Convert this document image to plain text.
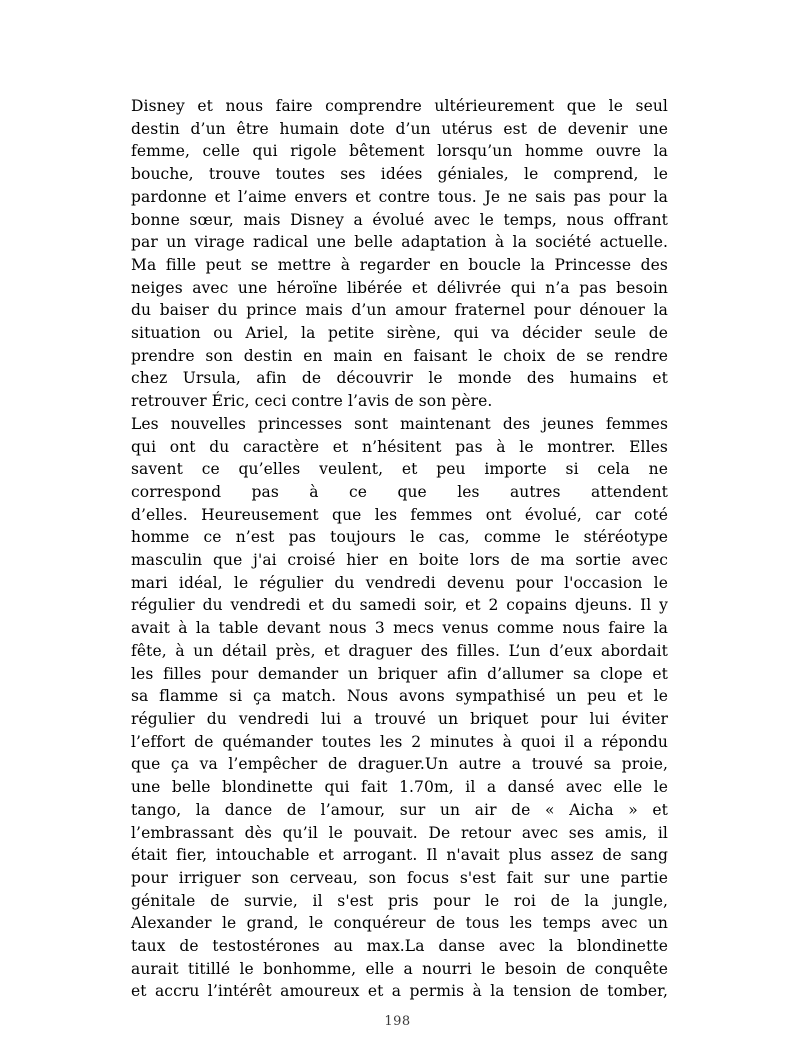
Disney et nous faire comprendre ultérieurement que le seul
destin d’un être humain dote d’un utérus est de devenir une
femme, celle qui rigole bêtement lorsqu’un homme ouvre la
bouche, trouve toutes ses idées géniales, le comprend, le
pardonne et l’aime envers et contre tous. Je ne sais pas pour la
bonne sœur, mais Disney a évolué avec le temps, nous offrant
par un virage radical une belle adaptation à la société actuelle.
Ma fille peut se mettre à regarder en boucle la Princesse des
neiges avec une héroïne libérée et délivrée qui n’a pas besoin
du baiser du prince mais d’un amour fraternel pour dénouer la
situation ou Ariel, la petite sirène, qui va décider seule de
prendre son destin en main en faisant le choix de se rendre
chez Ursula, afin de découvrir le monde des humains et
retrouver Éric, ceci contre l’avis de son père.
Les nouvelles princesses sont maintenant des jeunes femmes
qui ont du caractère et n’hésitent pas à le montrer. Elles
savent ce qu’elles veulent, et peu importe si cela ne
correspond pas à ce que les autres attendent
d’elles. Heureusement que les femmes ont évolué, car coté
homme ce n’est pas toujours le cas, comme le stéréotype
masculin que j'ai croisé hier en boite lors de ma sortie avec
mari idéal, le régulier du vendredi devenu pour l'occasion le
régulier du vendredi et du samedi soir, et 2 copains djeuns. Il y
avait à la table devant nous 3 mecs venus comme nous faire la
fête, à un détail près, et draguer des filles. L’un d’eux abordait
les filles pour demander un briquer afin d’allumer sa clope et
sa flamme si ça match. Nous avons sympathisé un peu et le
régulier du vendredi lui a trouvé un briquet pour lui éviter
l’effort de quémander toutes les 2 minutes à quoi il a répondu
que ça va l’empêcher de draguer.Un autre a trouvé sa proie,
une belle blondinette qui fait 1.70m, il a dansé avec elle le
tango, la dance de l’amour, sur un air de « Aicha » et
l’embrassant dès qu’il le pouvait. De retour avec ses amis, il
était fier, intouchable et arrogant. Il n'avait plus assez de sang
pour irriguer son cerveau, son focus s'est fait sur une partie
génitale de survie, il s'est pris pour le roi de la jungle,
Alexander le grand, le conquéreur de tous les temps avec un
taux de testostérones au max.La danse avec la blondinette
aurait titillé le bonhomme, elle a nourri le besoin de conquête
et accru l’intérêt amoureux et a permis à la tension de tomber,
198
